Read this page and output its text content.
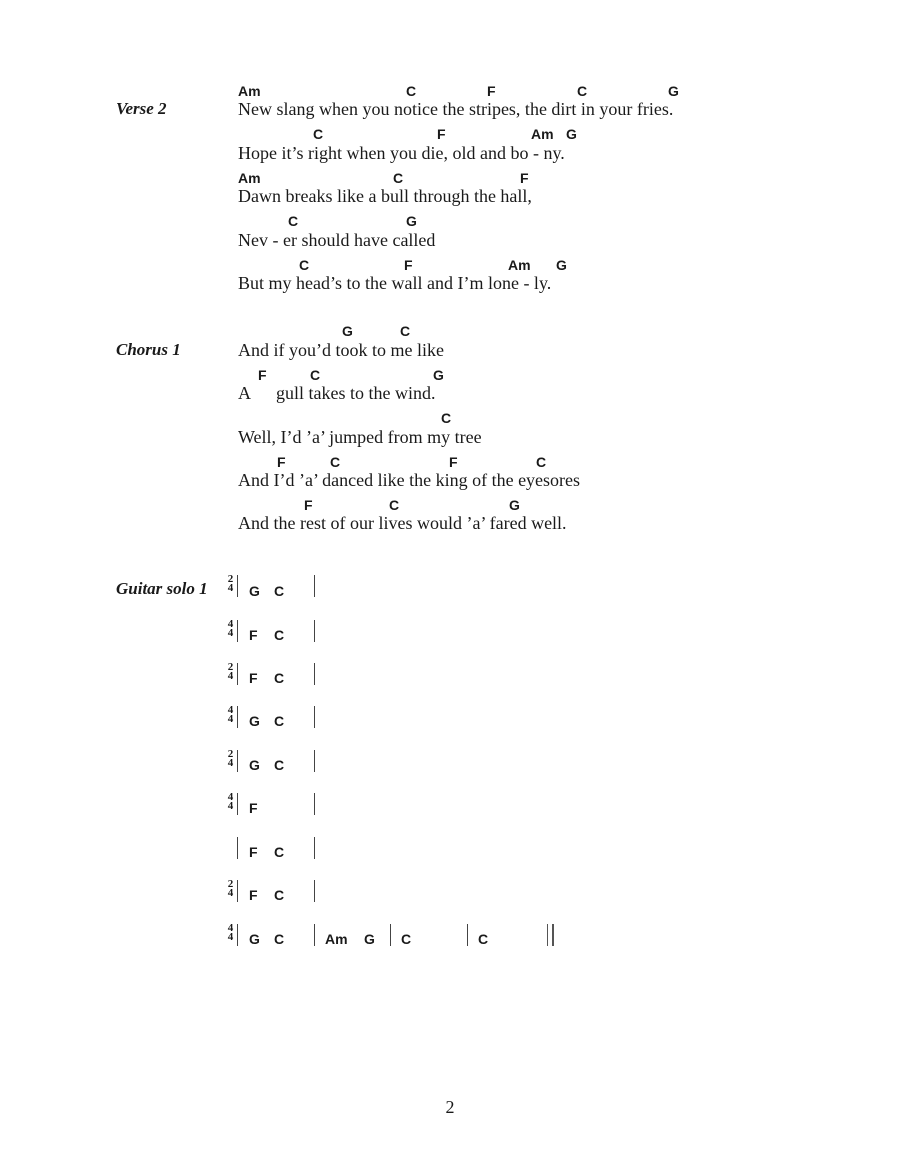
Verse 2
Chorus 1
Guitar solo 1
Am	C	F	C	G
New slang when you notice the stripes, the dirt in your fries.
C	F	Am G
Hope it’s right when you die, old and bo - ny.
Am	C	F
Dawn breaks like a bull through the hall,
C	G
Nev - er should have called
C	F	Am G
But my head’s to the wall and I’m lone - ly.
G	C
And if you’d took to me like
F	C	G
A gull takes to the wind.
C
Well, I’d ’a’ jumped from my tree
F	C	F	C
And I’d ’a’ danced like the king of the eyesores
F	C	G
And the rest of our lives would ’a’ fared well.
2
4 G C
4
4 F C
2
4 F C
4
4 G C
2
4 G C
4
4 F
F C
2
4 F C
4
4 G C	Am G C	C
2
